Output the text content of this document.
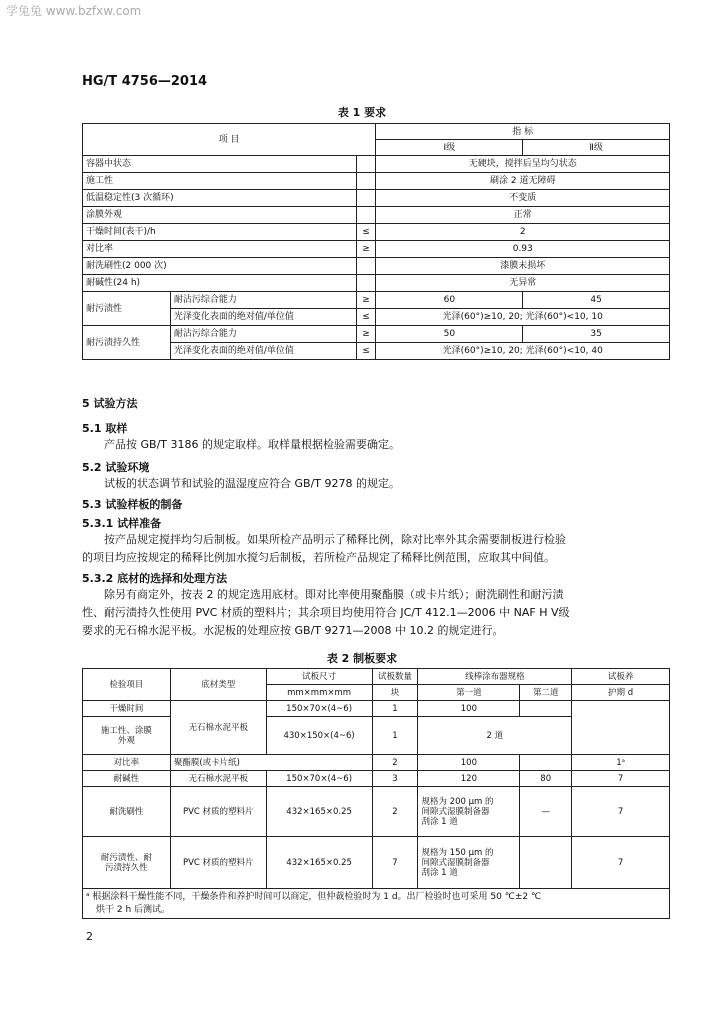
学兔兔 www.bzfxw.com
HG/T 4756—2014
表 1 要求
项 目			指 标	
			Ⅰ级	Ⅱ级
容器中状态			无硬块，搅拌后呈均匀状态	
施工性			刷涂 2 道无障碍	
低温稳定性(3 次循环)			不变质	
涂膜外观			正常	
干燥时间(表干)/h		≤	2	
对比率		≥	0.93	
耐洗刷性(2 000 次)			漆膜未损坏	
耐碱性(24 h)			无异常	
耐污渍性	耐沾污综合能力	≥	60	45
	光泽变化表面的绝对值/单位值	≤	光泽(60°)≥10, 20; 光泽(60°)<10, 10	
耐污渍持久性	耐沾污综合能力	≥	50	35
	光泽变化表面的绝对值/单位值	≤	光泽(60°)≥10, 20; 光泽(60°)<10, 40	
5 试验方法
5.1 取样
产品按 GB/T 3186 的规定取样。取样量根据检验需要确定。
5.2 试验环境
试板的状态调节和试验的温湿度应符合 GB/T 9278 的规定。
5.3 试验样板的制备
5.3.1 试样准备
按产品规定搅拌均匀后制板。如果所检产品明示了稀释比例，除对比率外其余需要制板进行检验
的项目均应按规定的稀释比例加水搅匀后制板，若所检产品规定了稀释比例范围，应取其中间值。
5.3.2 底材的选择和处理方法
除另有商定外，按表 2 的规定选用底材。即对比率使用聚酯膜（或卡片纸）；耐洗刷性和耐污渍
性、耐污渍持久性使用 PVC 材质的塑料片；其余项目均使用符合 JC/T 412.1—2006 中 NAF H Ⅴ级
要求的无石棉水泥平板。水泥板的处理应按 GB/T 9271—2008 中 10.2 的规定进行。
表 2 制板要求
检验项目	底材类型	试板尺寸	试板数量	线棒涂布器规格		试板养
		mm×mm×mm	块	第一道	第二道	护期 d
干燥时间	无石棉水泥平板	150×70×(4~6)	1	100		
施工性、涂膜
外观		430×150×(4~6)	1	2 道		
对比率	聚酯膜(或卡片纸)		2	100		1ᵃ
耐碱性	无石棉水泥平板	150×70×(4~6)	3	120	80	7
耐洗刷性	PVC 材质的塑料片	432×165×0.25	2	规格为 200 μm 的
间隙式湿膜制备器
刮涂 1 道	—	7
耐污渍性、耐
污渍持久性	PVC 材质的塑料片	432×165×0.25	7	规格为 150 μm 的
间隙式湿膜制备器
刮涂 1 道		7
ᵃ 根据涂料干燥性能不同，干燥条件和养护时间可以商定，但仲裁检验时为 1 d。出厂检验时也可采用 50 ℃±2 ℃
烘干 2 h 后测试。						
2
